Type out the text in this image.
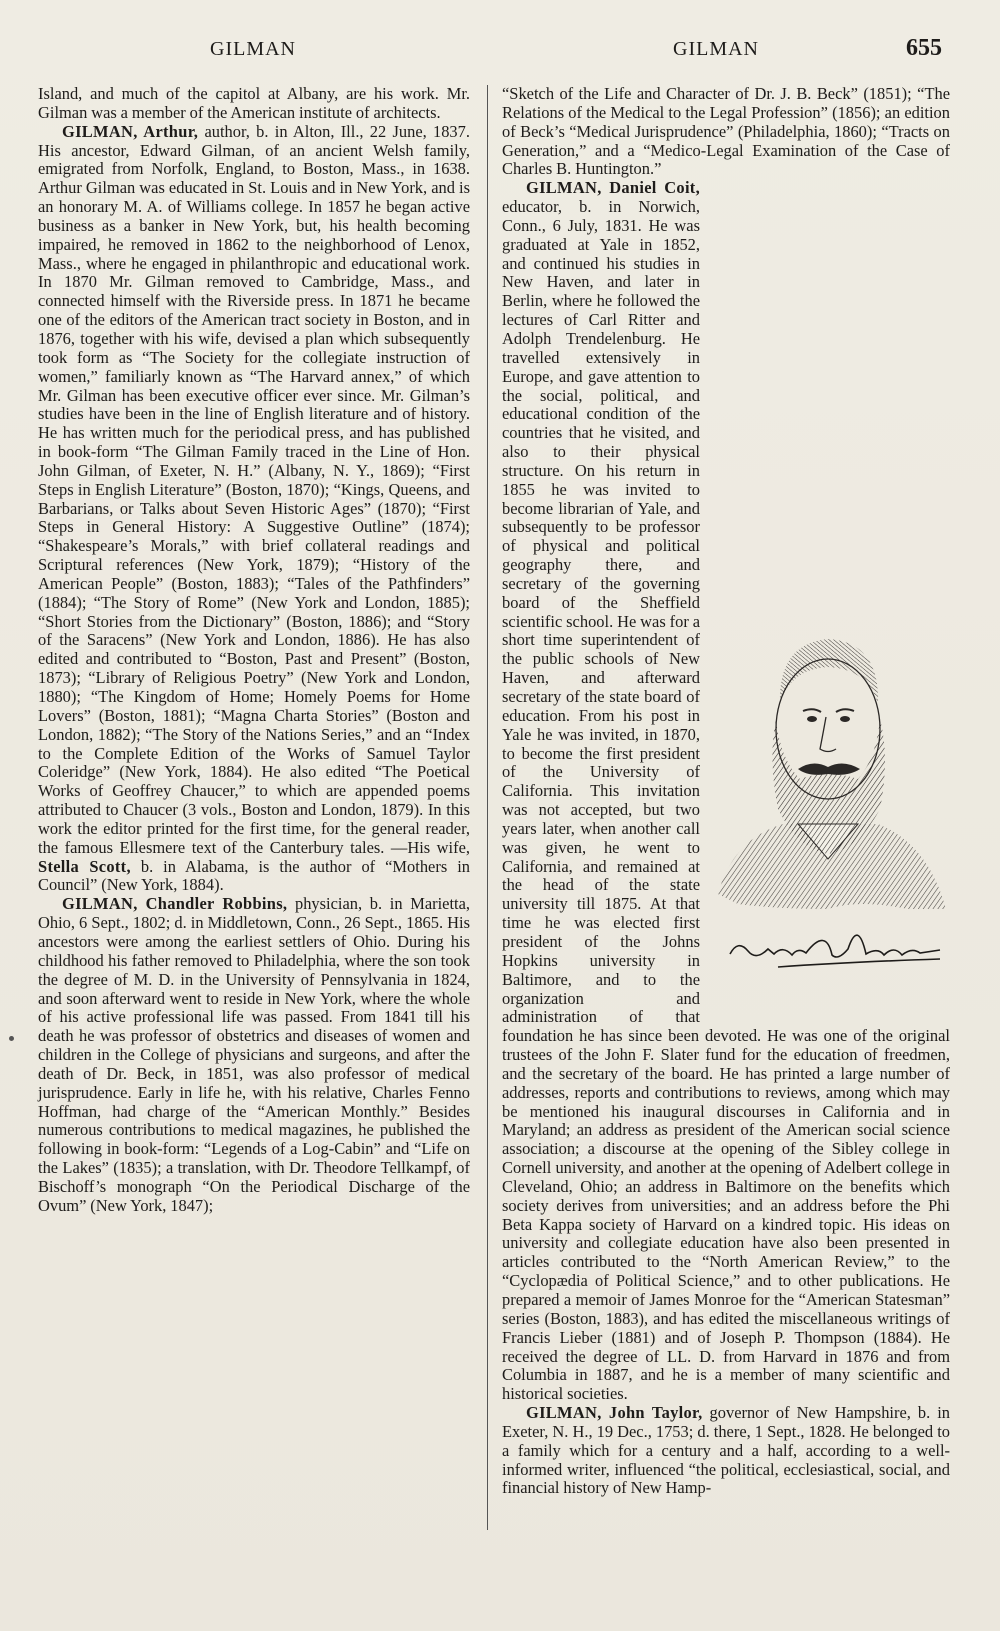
GILMAN	GILMAN	655

Island, and much of the capitol at Albany, are his work. Mr. Gilman was a member of the American institute of architects.

GILMAN, Arthur, author, b. in Alton, Ill., 22 June, 1837. His ancestor, Edward Gilman, of an ancient Welsh family, emigrated from Norfolk, England, to Boston, Mass., in 1638. Arthur Gilman was educated in St. Louis and in New York, and is an honorary M. A. of Williams college. In 1857 he began active business as a banker in New York, but, his health becoming impaired, he removed in 1862 to the neighborhood of Lenox, Mass., where he engaged in philanthropic and educational work. In 1870 Mr. Gilman removed to Cambridge, Mass., and connected himself with the Riverside press. In 1871 he became one of the editors of the American tract society in Boston, and in 1876, together with his wife, devised a plan which subsequently took form as “The Society for the collegiate instruction of women,” familiarly known as “The Harvard annex,” of which Mr. Gilman has been executive officer ever since. Mr. Gilman’s studies have been in the line of English literature and of history. He has written much for the periodical press, and has published in book-form “The Gilman Family traced in the Line of Hon. John Gilman, of Exeter, N. H.” (Albany, N. Y., 1869); “First Steps in English Literature” (Boston, 1870); “Kings, Queens, and Barbarians, or Talks about Seven Historic Ages” (1870); “First Steps in General History: A Suggestive Outline” (1874); “Shakespeare’s Morals,” with brief collateral readings and Scriptural references (New York, 1879); “History of the American People” (Boston, 1883); “Tales of the Pathfinders” (1884); “The Story of Rome” (New York and London, 1885); “Short Stories from the Dictionary” (Boston, 1886); and “Story of the Saracens” (New York and London, 1886). He has also edited and contributed to “Boston, Past and Present” (Boston, 1873); “Library of Religious Poetry” (New York and London, 1880); “The Kingdom of Home; Homely Poems for Home Lovers” (Boston, 1881); “Magna Charta Stories” (Boston and London, 1882); “The Story of the Nations Series,” and an “Index to the Complete Edition of the Works of Samuel Taylor Coleridge” (New York, 1884). He also edited “The Poetical Works of Geoffrey Chaucer,” to which are appended poems attributed to Chaucer (3 vols., Boston and London, 1879). In this work the editor printed for the first time, for the general reader, the famous Ellesmere text of the Canterbury tales. —His wife, Stella Scott, b. in Alabama, is the author of “Mothers in Council” (New York, 1884).

GILMAN, Chandler Robbins, physician, b. in Marietta, Ohio, 6 Sept., 1802; d. in Middletown, Conn., 26 Sept., 1865. His ancestors were among the earliest settlers of Ohio. During his childhood his father removed to Philadelphia, where the son took the degree of M. D. in the University of Pennsylvania in 1824, and soon afterward went to reside in New York, where the whole of his active professional life was passed. From 1841 till his death he was professor of obstetrics and diseases of women and children in the College of physicians and surgeons, and after the death of Dr. Beck, in 1851, was also professor of medical jurisprudence. Early in life he, with his relative, Charles Fenno Hoffman, had charge of the “American Monthly.” Besides numerous contributions to medical magazines, he published the following in book-form: “Legends of a Log-Cabin” and “Life on the Lakes” (1835); a translation, with Dr. Theodore Tellkampf, of Bischoff’s monograph “On the Periodical Discharge of the Ovum” (New York, 1847);

“Sketch of the Life and Character of Dr. J. B. Beck” (1851); “The Relations of the Medical to the Legal Profession” (1856); an edition of Beck’s “Medical Jurisprudence” (Philadelphia, 1860); “Tracts on Generation,” and a “Medico-Legal Examination of the Case of Charles B. Huntington.”

GILMAN, Daniel Coit, educator, b. in Norwich, Conn., 6 July, 1831. He was graduated at Yale in 1852, and continued his studies in New Haven, and later in Berlin, where he followed the lectures of Carl Ritter and Adolph Trendelenburg. He travelled extensively in Europe, and gave attention to the social, political, and educational condition of the countries that he visited, and also to their physical structure. On his return in 1855 he was invited to become librarian of Yale, and subsequently to be professor of physical and political geography there, and secretary of the governing board of the Sheffield scientific school. He was for a short time superintendent of the public schools of New Haven, and afterward secretary of the state board of education. From his post in Yale he was invited, in 1870, to become the first president of the University of California. This invitation was not accepted, but two years later, when another call was given, he went to California, and remained at the head of the state university till 1875. At that time he was elected first president of the Johns Hopkins university in Baltimore, and to the organization and administration of that foundation he has since been devoted. He was one of the original trustees of the John F. Slater fund for the education of freedmen, and the secretary of the board. He has printed a large number of addresses, reports and contributions to reviews, among which may be mentioned his inaugural discourses in California and in Maryland; an address as president of the American social science association; a discourse at the opening of the Sibley college in Cornell university, and another at the opening of Adelbert college in Cleveland, Ohio; an address in Baltimore on the benefits which society derives from universities; and an address before the Phi Beta Kappa society of Harvard on a kindred topic. His ideas on university and collegiate education have also been presented in articles contributed to the “North American Review,” to the “Cyclopædia of Political Science,” and to other publications. He prepared a memoir of James Monroe for the “American Statesman” series (Boston, 1883), and has edited the miscellaneous writings of Francis Lieber (1881) and of Joseph P. Thompson (1884). He received the degree of LL. D. from Harvard in 1876 and from Columbia in 1887, and he is a member of many scientific and historical societies.

GILMAN, John Taylor, governor of New Hampshire, b. in Exeter, N. H., 19 Dec., 1753; d. there, 1 Sept., 1828. He belonged to a family which for a century and a half, according to a well-informed writer, influenced “the political, ecclesiastical, social, and financial history of New Hamp-
